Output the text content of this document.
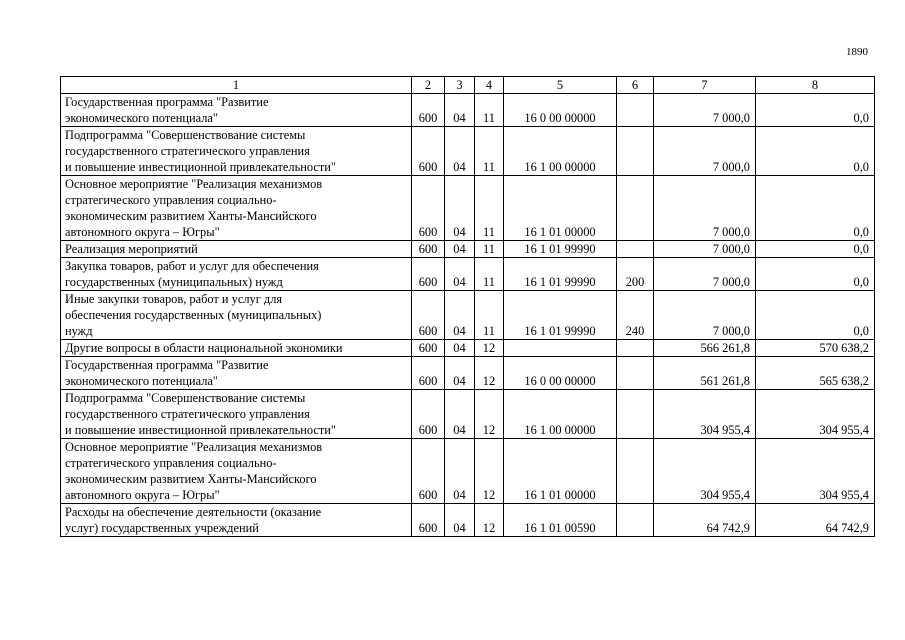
1890
1	2	3	4	5	6	7	8
Государственная программа "Развитие
экономического потенциала"	600	04	11	16 0 00 00000		7 000,0	0,0
Подпрограмма "Совершенствование системы
государственного стратегического управления
и повышение инвестиционной привлекательности"	600	04	11	16 1 00 00000		7 000,0	0,0
Основное мероприятие "Реализация механизмов
стратегического управления социально-
экономическим развитием Ханты-Мансийского
автономного округа – Югры"	600	04	11	16 1 01 00000		7 000,0	0,0
Реализация мероприятий	600	04	11	16 1 01 99990		7 000,0	0,0
Закупка товаров, работ и услуг для обеспечения
государственных (муниципальных) нужд	600	04	11	16 1 01 99990	200	7 000,0	0,0
Иные закупки товаров, работ и услуг для
обеспечения государственных (муниципальных)
нужд	600	04	11	16 1 01 99990	240	7 000,0	0,0
Другие вопросы в области национальной экономики	600	04	12			566 261,8	570 638,2
Государственная программа "Развитие
экономического потенциала"	600	04	12	16 0 00 00000		561 261,8	565 638,2
Подпрограмма "Совершенствование системы
государственного стратегического управления
и повышение инвестиционной привлекательности"	600	04	12	16 1 00 00000		304 955,4	304 955,4
Основное мероприятие "Реализация механизмов
стратегического управления социально-
экономическим развитием Ханты-Мансийского
автономного округа – Югры"	600	04	12	16 1 01 00000		304 955,4	304 955,4
Расходы на обеспечение деятельности (оказание
услуг) государственных учреждений	600	04	12	16 1 01 00590		64 742,9	64 742,9
